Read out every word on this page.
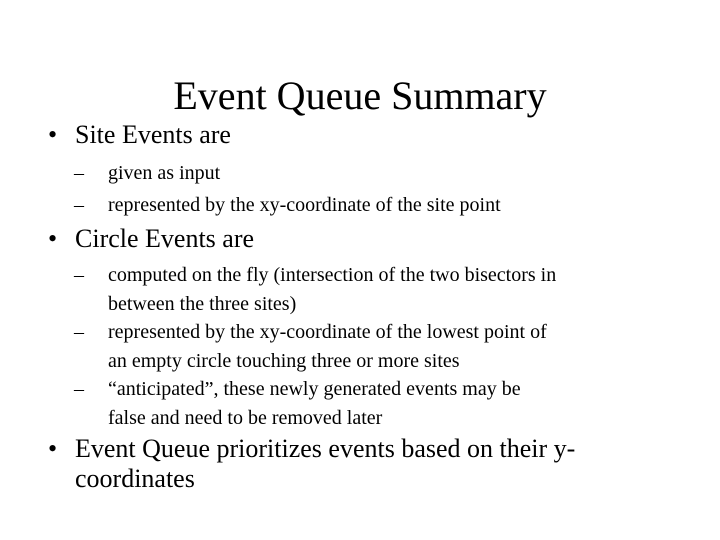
Event Queue Summary
• Site Events are
– given as input
– represented by the xy-coordinate of the site point
• Circle Events are
– computed on the fly (intersection of the two bisectors in
between the three sites)
– represented by the xy-coordinate of the lowest point of
an empty circle touching three or more sites
– “anticipated”, these newly generated events may be
false and need to be removed later
• Event Queue prioritizes events based on their y-
coordinates
